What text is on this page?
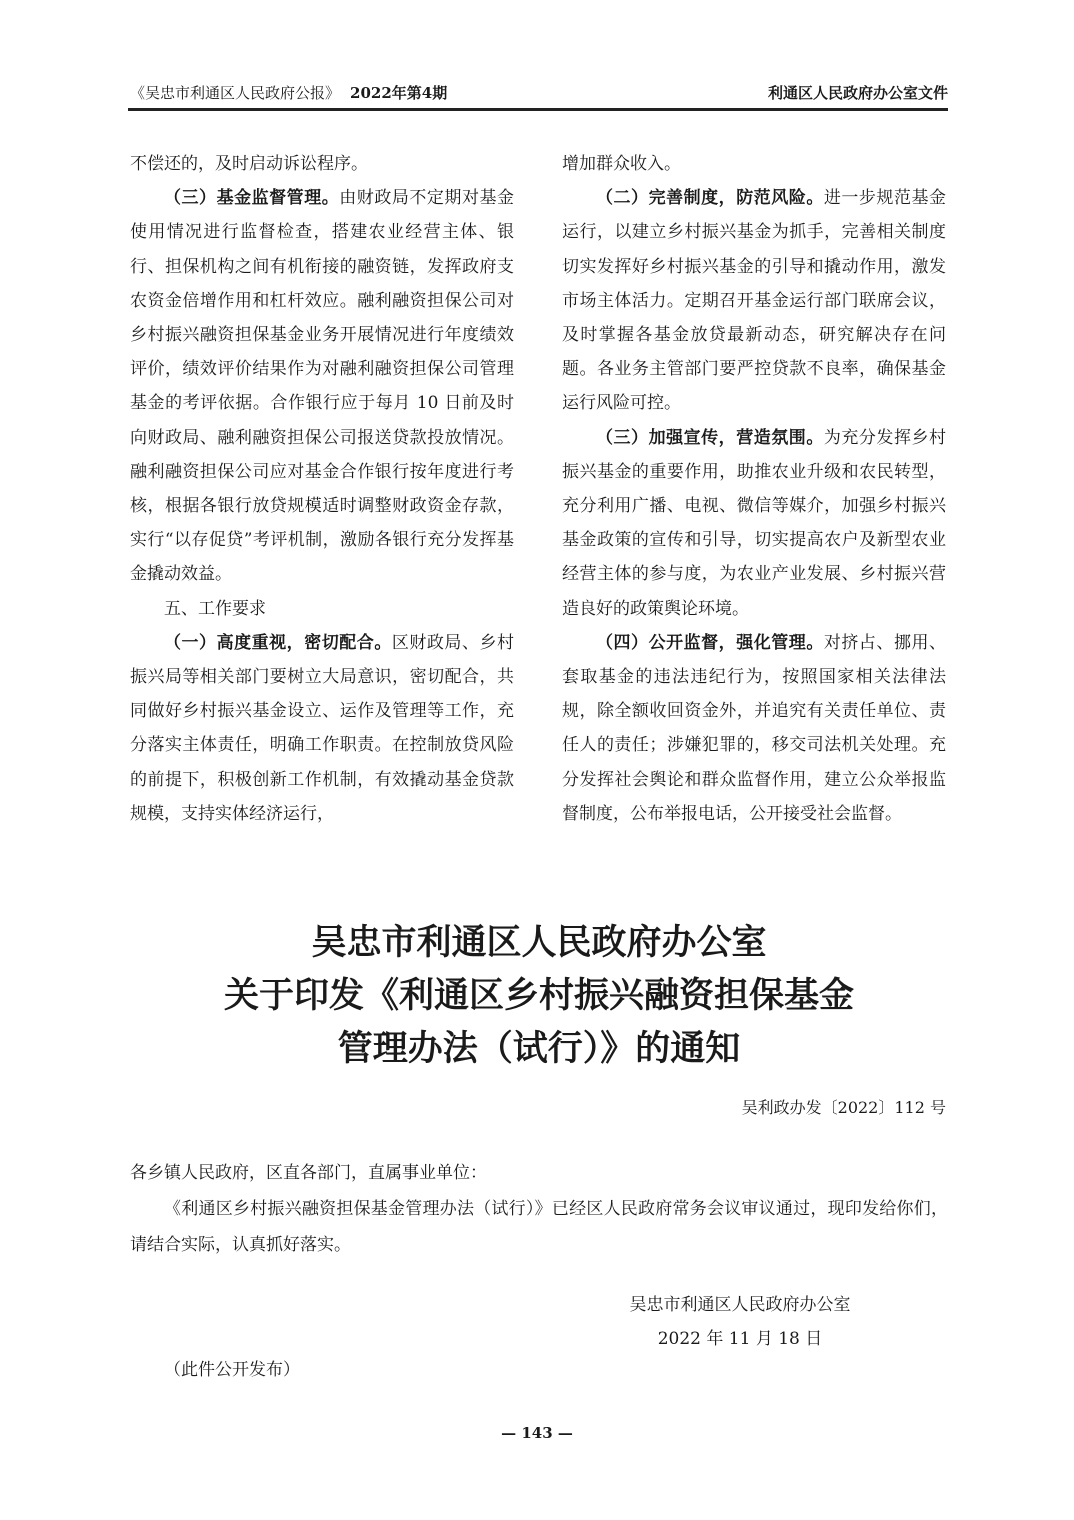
《吴忠市利通区人民政府公报》 2022年第4期	利通区人民政府办公室文件

不偿还的，及时启动诉讼程序。

（三）基金监督管理。由财政局不定期对基金使用情况进行监督检查，搭建农业经营主体、银行、担保机构之间有机衔接的融资链，发挥政府支农资金倍增作用和杠杆效应。融利融资担保公司对乡村振兴融资担保基金业务开展情况进行年度绩效评价，绩效评价结果作为对融利融资担保公司管理基金的考评依据。合作银行应于每月 10 日前及时向财政局、融利融资担保公司报送贷款投放情况。融利融资担保公司应对基金合作银行按年度进行考核，根据各银行放贷规模适时调整财政资金存款，实行“以存促贷”考评机制，激励各银行充分发挥基金撬动效益。

五、工作要求

（一）高度重视，密切配合。区财政局、乡村振兴局等相关部门要树立大局意识，密切配合，共同做好乡村振兴基金设立、运作及管理等工作，充分落实主体责任，明确工作职责。在控制放贷风险的前提下，积极创新工作机制，有效撬动基金贷款规模，支持实体经济运行，

增加群众收入。

（二）完善制度，防范风险。进一步规范基金运行，以建立乡村振兴基金为抓手，完善相关制度切实发挥好乡村振兴基金的引导和撬动作用，激发市场主体活力。定期召开基金运行部门联席会议，及时掌握各基金放贷最新动态，研究解决存在问题。各业务主管部门要严控贷款不良率，确保基金运行风险可控。

（三）加强宣传，营造氛围。为充分发挥乡村振兴基金的重要作用，助推农业升级和农民转型，充分利用广播、电视、微信等媒介，加强乡村振兴基金政策的宣传和引导，切实提高农户及新型农业经营主体的参与度，为农业产业发展、乡村振兴营造良好的政策舆论环境。

（四）公开监督，强化管理。对挤占、挪用、套取基金的违法违纪行为，按照国家相关法律法规，除全额收回资金外，并追究有关责任单位、责任人的责任；涉嫌犯罪的，移交司法机关处理。充分发挥社会舆论和群众监督作用，建立公众举报监督制度，公布举报电话，公开接受社会监督。

吴忠市利通区人民政府办公室
关于印发《利通区乡村振兴融资担保基金
管理办法（试行）》的通知
吴利政办发〔2022〕112 号

各乡镇人民政府，区直各部门，直属事业单位：

《利通区乡村振兴融资担保基金管理办法（试行）》已经区人民政府常务会议审议通过，现印发给你们，请结合实际，认真抓好落实。

吴忠市利通区人民政府办公室
2022 年 11 月 18 日
（此件公开发布）
— 143 —
